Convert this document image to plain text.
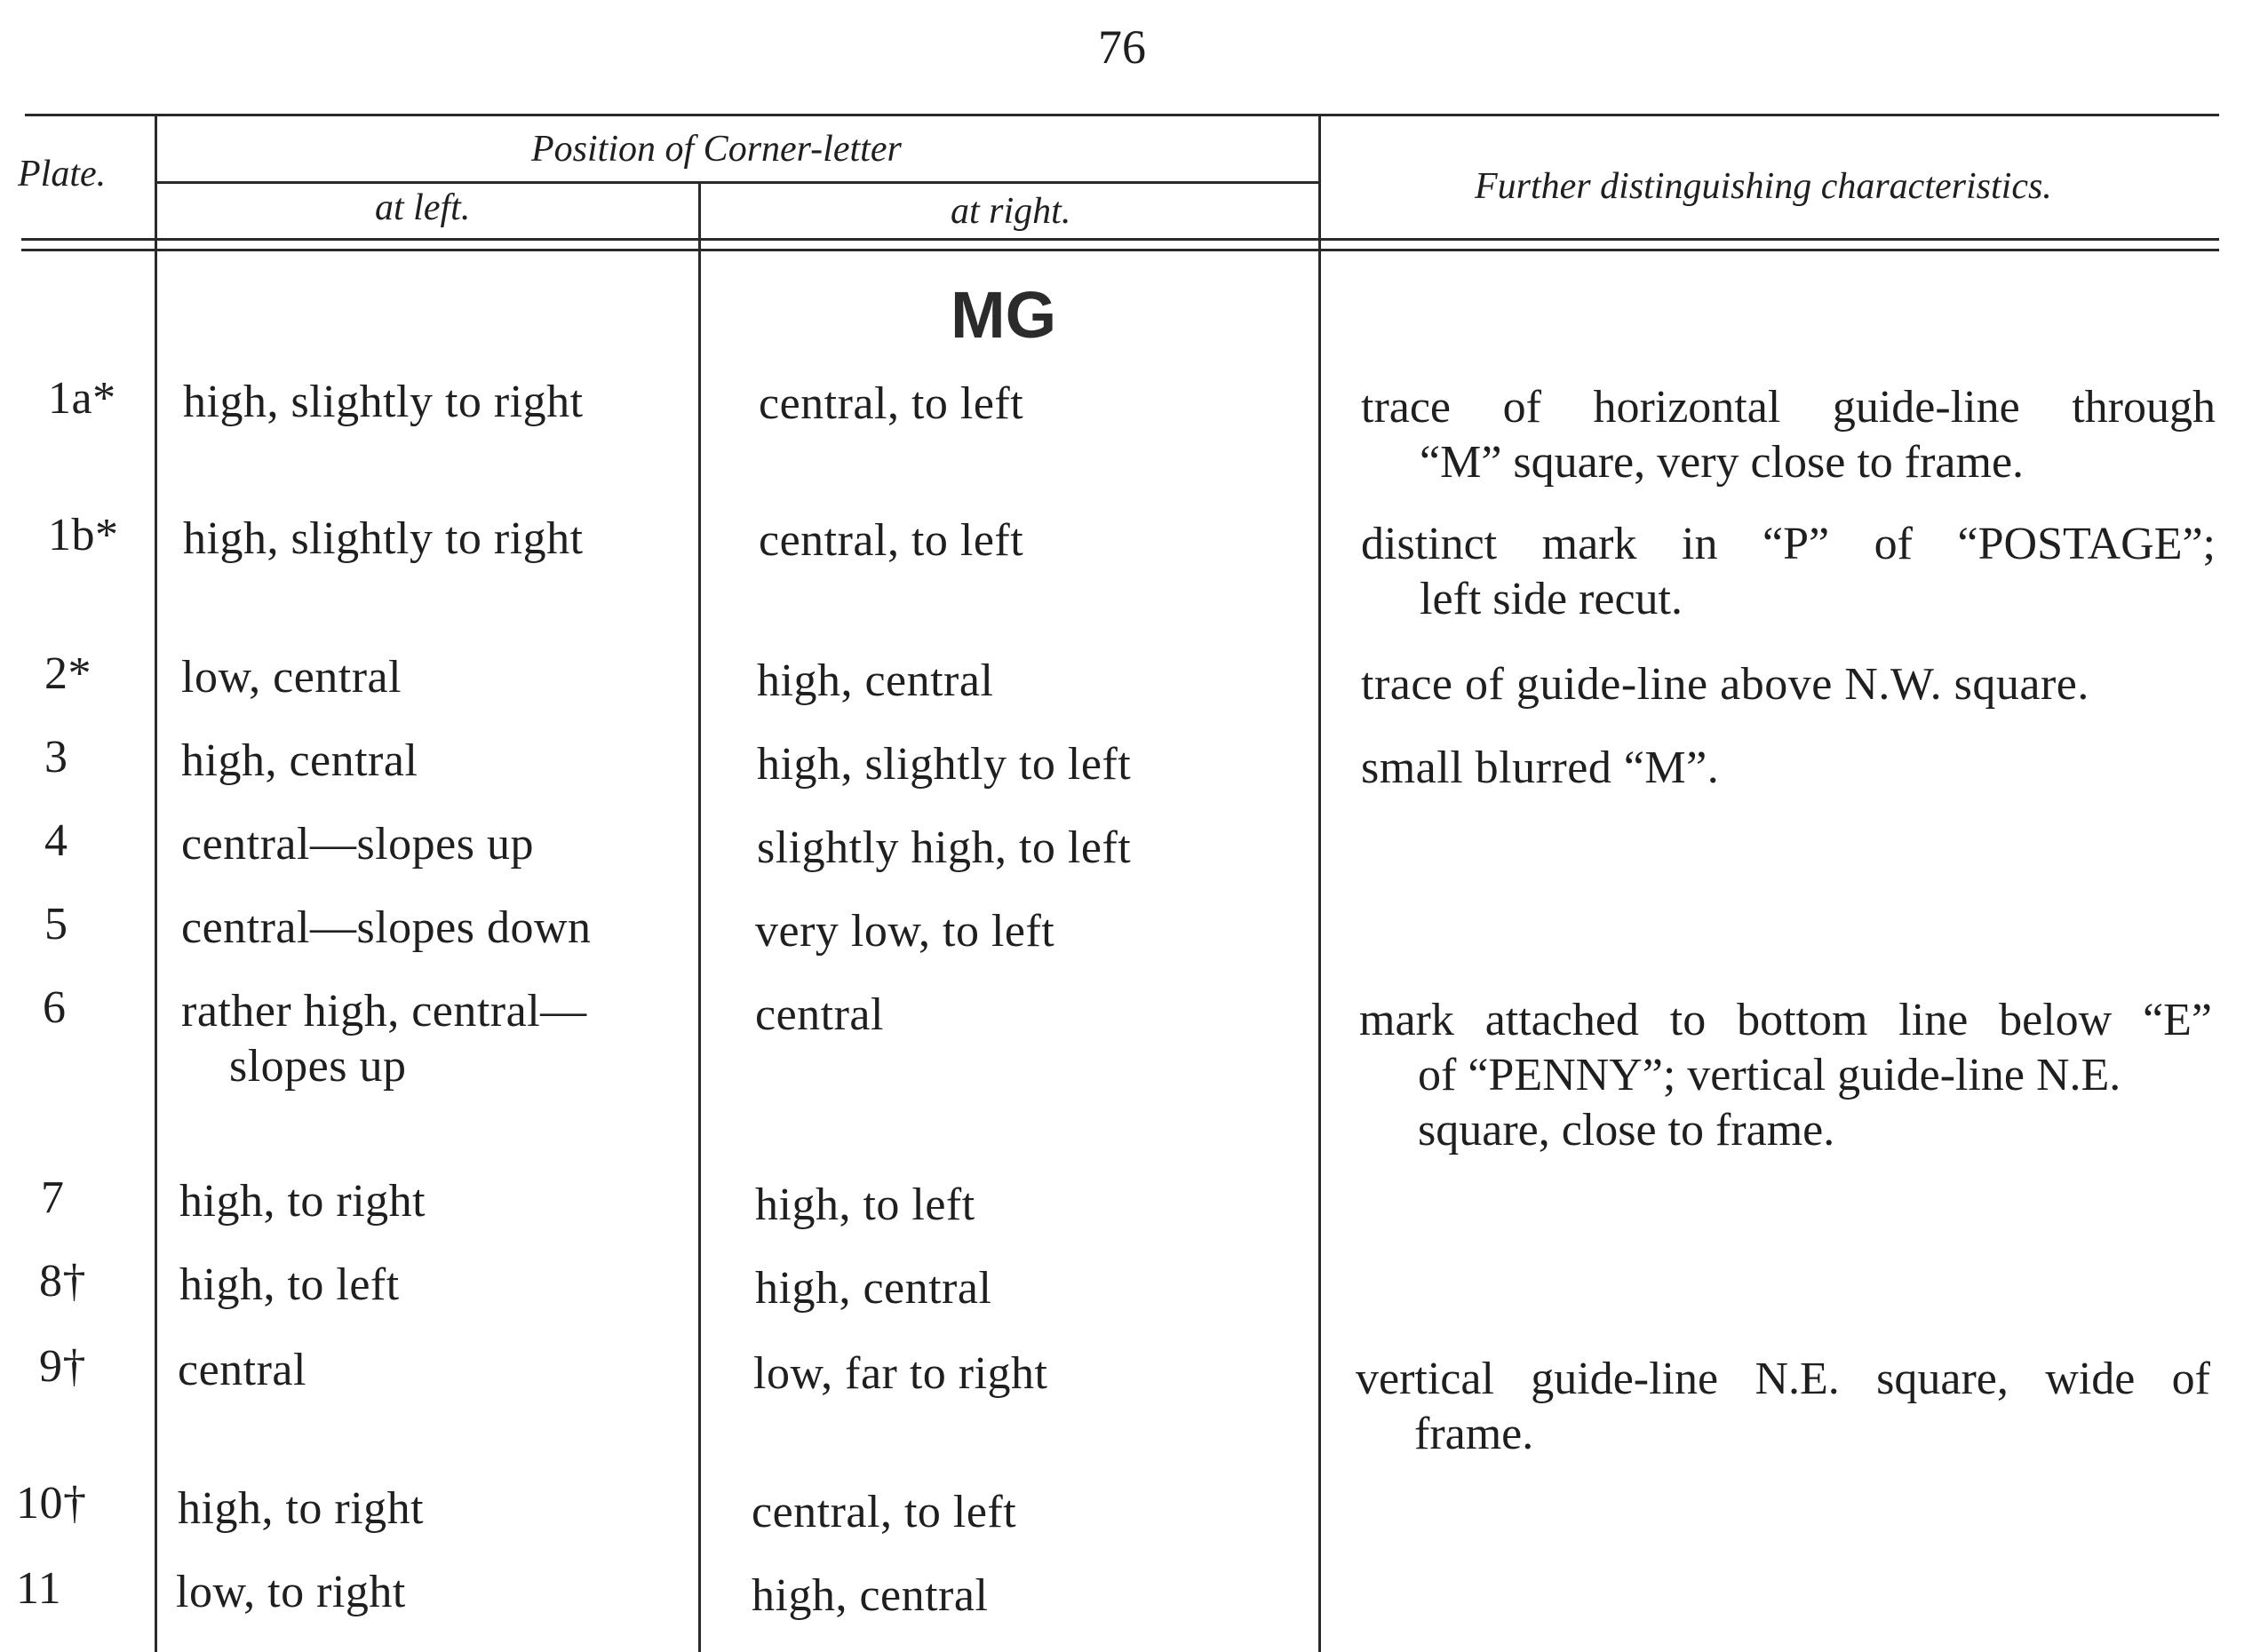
76
Plate.
Position of Corner-letter
at left.	at right.
Further distinguishing characteristics.
MG
1a* high, slightly to right	central, to left	trace of horizontal guide-line through
“M” square, very close to frame.
1b* high, slightly to right	central, to left	distinct mark in “P” of “POSTAGE”;
left side recut.
2* low, central	high, central	trace of guide-line above N.W. square.
3 high, central	high, slightly to left	small blurred “M”.
4 central—slopes up	slightly high, to left
5 central—slopes down	very low, to left
6 rather high, central—
slopes up
central	mark attached to bottom line below “E”
of “PENNY”; vertical guide-line N.E.
square, close to frame.
7 high, to right	high, to left
8† high, to left	high, central
9† central	low, far to right	vertical guide-line N.E. square, wide of
frame.
10† high, to right	central, to left
11 low, to right	high, central
